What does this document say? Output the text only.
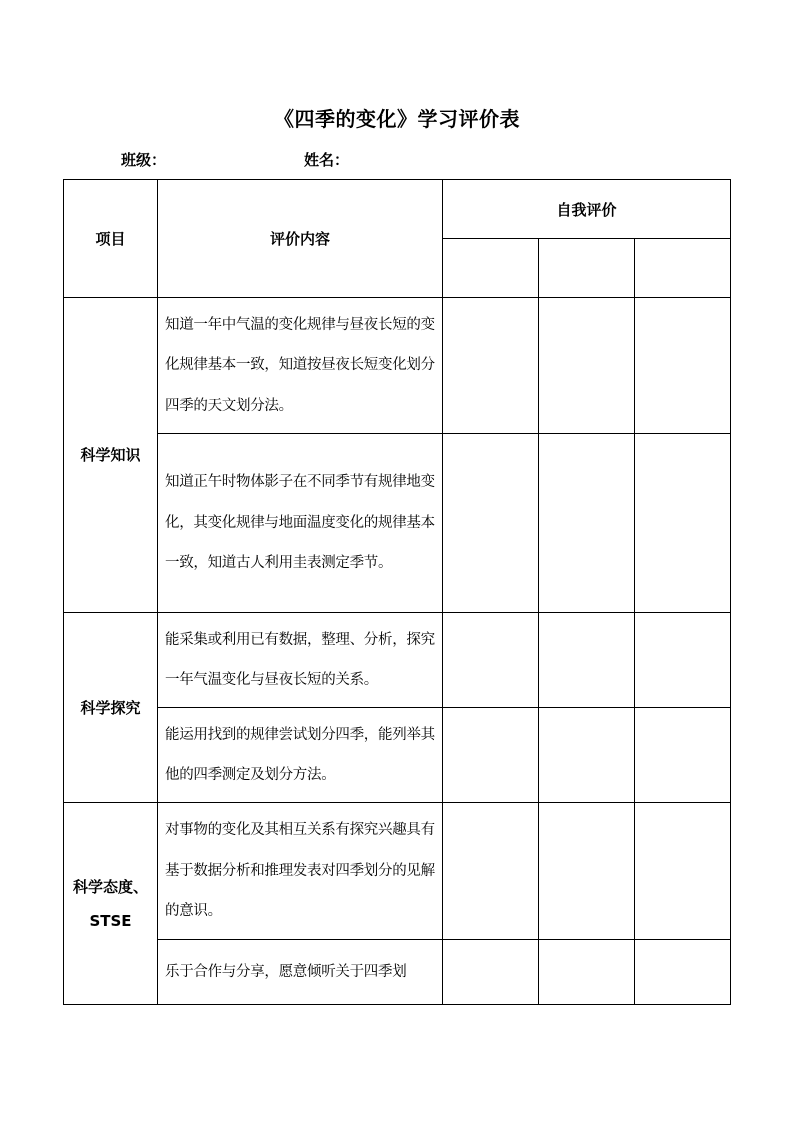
《四季的变化》学习评价表
班级：	姓名：
项目	评价内容	自我评价		

科学知识	知道一年中气温的变化规律与昼夜长短的变化规律基本一致，知道按昼夜长短变化划分四季的天文划分法。			
	知道正午时物体影子在不同季节有规律地变化，其变化规律与地面温度变化的规律基本一致，知道古人利用圭表测定季节。			
科学探究	能采集或利用已有数据，整理、分析，探究一年气温变化与昼夜长短的关系。			
	能运用找到的规律尝试划分四季，能列举其他的四季测定及划分方法。			

科学态度、
STSE	对事物的变化及其相互关系有探究兴趣具有基于数据分析和推理发表对四季划分的见解的意识。			
	乐于合作与分享，愿意倾听关于四季划			
